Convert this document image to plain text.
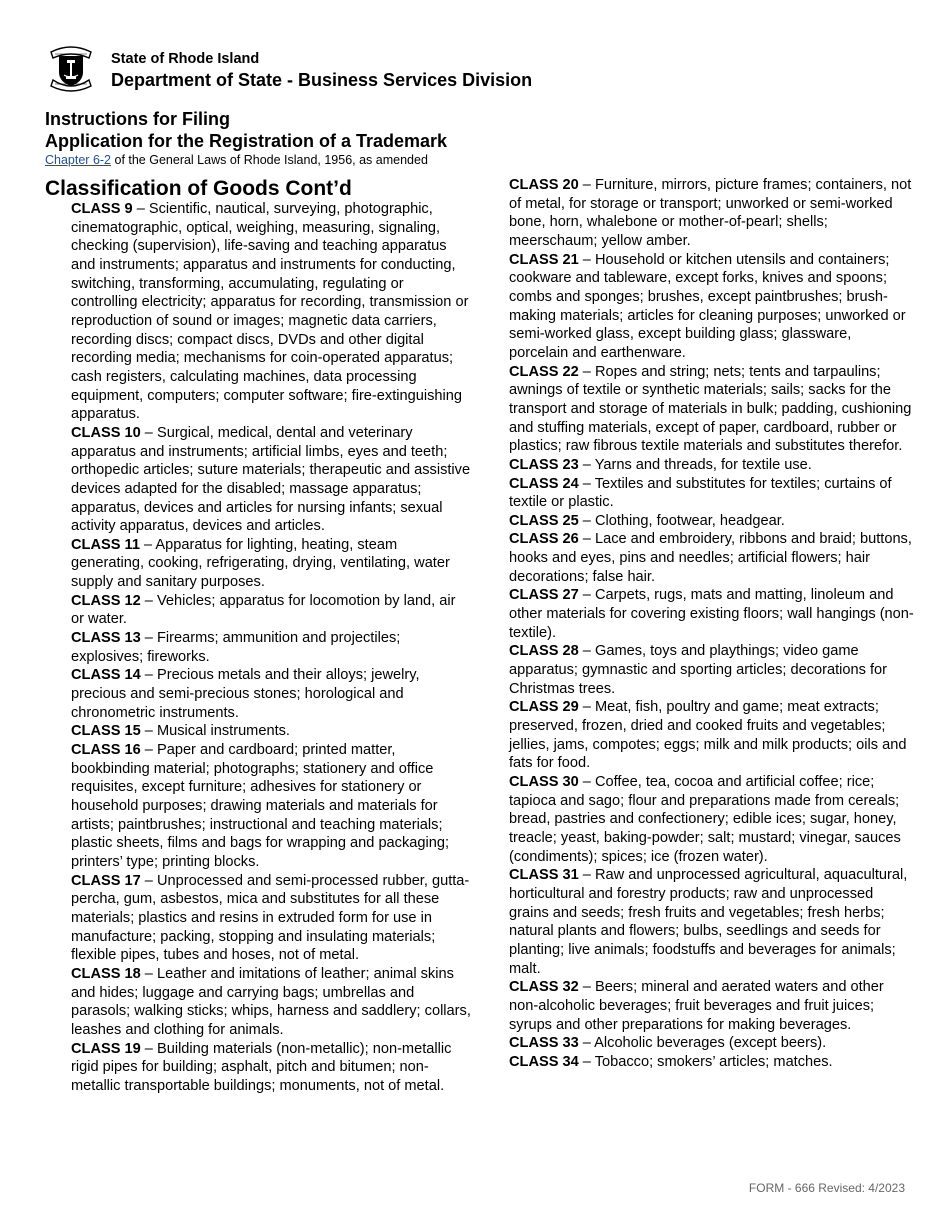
State of Rhode Island
Department of State - Business Services Division
Instructions for Filing
Application for the Registration of a Trademark
Chapter 6-2 of the General Laws of Rhode Island, 1956, as amended
Classification of Goods Cont’d

CLASS 9 – Scientific, nautical, surveying, photographic, cinematographic, optical, weighing, measuring, signaling, checking (supervision), life-saving and teaching apparatus and instruments; apparatus and instruments for conducting, switching, transforming, accumulating, regulating or controlling electricity; apparatus for recording, transmission or reproduction of sound or images; magnetic data carriers, recording discs; compact discs, DVDs and other digital recording media; mechanisms for coin-operated apparatus; cash registers, calculating machines, data processing equipment, computers; computer software; fire-extinguishing apparatus.

CLASS 10 – Surgical, medical, dental and veterinary apparatus and instruments; artificial limbs, eyes and teeth; orthopedic articles; suture materials; therapeutic and assistive devices adapted for the disabled; massage apparatus; apparatus, devices and articles for nursing infants; sexual activity apparatus, devices and articles.

CLASS 11 – Apparatus for lighting, heating, steam generating, cooking, refrigerating, drying, ventilating, water supply and sanitary purposes.

CLASS 12 – Vehicles; apparatus for locomotion by land, air or water.

CLASS 13 – Firearms; ammunition and projectiles; explosives; fireworks.

CLASS 14 – Precious metals and their alloys; jewelry, precious and semi-precious stones; horological and chronometric instruments.

CLASS 15 – Musical instruments.

CLASS 16 – Paper and cardboard; printed matter, bookbinding material; photographs; stationery and office requisites, except furniture; adhesives for stationery or household purposes; drawing materials and materials for artists; paintbrushes; instructional and teaching materials; plastic sheets, films and bags for wrapping and packaging; printers’ type; printing blocks.

CLASS 17 – Unprocessed and semi-processed rubber, gutta-percha, gum, asbestos, mica and substitutes for all these materials; plastics and resins in extruded form for use in manufacture; packing, stopping and insulating materials; flexible pipes, tubes and hoses, not of metal.

CLASS 18 – Leather and imitations of leather; animal skins and hides; luggage and carrying bags; umbrellas and parasols; walking sticks; whips, harness and saddlery; collars, leashes and clothing for animals.

CLASS 19 – Building materials (non-metallic); non-metallic rigid pipes for building; asphalt, pitch and bitumen; non-metallic transportable buildings; monuments, not of metal.

CLASS 20 – Furniture, mirrors, picture frames; containers, not of metal, for storage or transport; unworked or semi-worked bone, horn, whalebone or mother-of-pearl; shells; meerschaum; yellow amber.

CLASS 21 – Household or kitchen utensils and containers; cookware and tableware, except forks, knives and spoons; combs and sponges; brushes, except paintbrushes; brush-making materials; articles for cleaning purposes; unworked or semi-worked glass, except building glass; glassware, porcelain and earthenware.

CLASS 22 – Ropes and string; nets; tents and tarpaulins; awnings of textile or synthetic materials; sails; sacks for the transport and storage of materials in bulk; padding, cushioning and stuffing materials, except of paper, cardboard, rubber or plastics; raw fibrous textile materials and substitutes therefor.

CLASS 23 – Yarns and threads, for textile use.

CLASS 24 – Textiles and substitutes for textiles; curtains of textile or plastic.

CLASS 25 – Clothing, footwear, headgear.

CLASS 26 – Lace and embroidery, ribbons and braid; buttons, hooks and eyes, pins and needles; artificial flowers; hair decorations; false hair.

CLASS 27 – Carpets, rugs, mats and matting, linoleum and other materials for covering existing floors; wall hangings (non-textile).

CLASS 28 – Games, toys and playthings; video game apparatus; gymnastic and sporting articles; decorations for Christmas trees.

CLASS 29 – Meat, fish, poultry and game; meat extracts; preserved, frozen, dried and cooked fruits and vegetables; jellies, jams, compotes; eggs; milk and milk products; oils and fats for food.

CLASS 30 – Coffee, tea, cocoa and artificial coffee; rice; tapioca and sago; flour and preparations made from cereals; bread, pastries and confectionery; edible ices; sugar, honey, treacle; yeast, baking-powder; salt; mustard; vinegar, sauces (condiments); spices; ice (frozen water).

CLASS 31 – Raw and unprocessed agricultural, aquacultural, horticultural and forestry products; raw and unprocessed grains and seeds; fresh fruits and vegetables; fresh herbs; natural plants and flowers; bulbs, seedlings and seeds for planting; live animals; foodstuffs and beverages for animals; malt.

CLASS 32 – Beers; mineral and aerated waters and other non-alcoholic beverages; fruit beverages and fruit juices; syrups and other preparations for making beverages.

CLASS 33 – Alcoholic beverages (except beers).

CLASS 34 – Tobacco; smokers’ articles; matches.

FORM - 666 Revised: 4/2023
